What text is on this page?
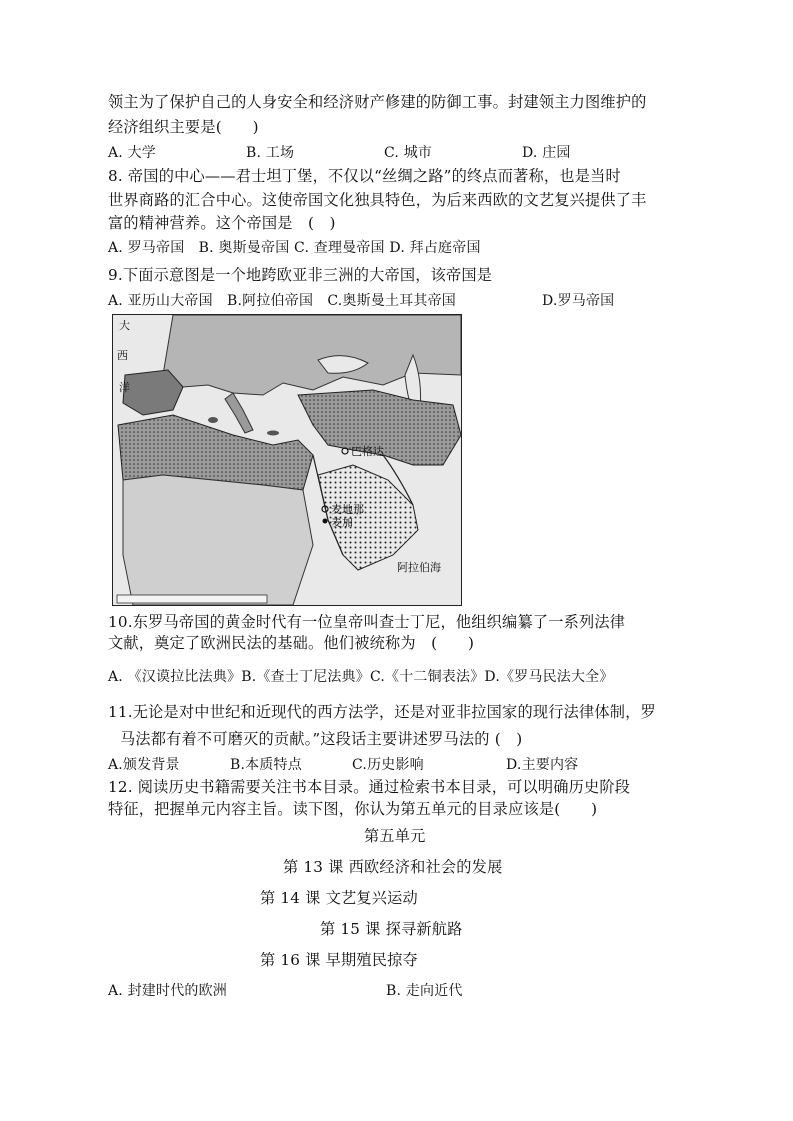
领主为了保护自己的人身安全和经济财产修建的防御工事。封建领主力图维护的
经济组织主要是(　　)
A. 大学	B. 工场	C. 城市	D. 庄园
8. 帝国的中心——君士坦丁堡，不仅以“丝绸之路”的终点而著称，也是当时
世界商路的汇合中心。这使帝国文化独具特色，为后来西欧的文艺复兴提供了丰
富的精神营养。这个帝国是　(　)
A. 罗马帝国　B. 奥斯曼帝国 C. 查理曼帝国 D. 拜占庭帝国
9.下面示意图是一个地跨欧亚非三洲的大帝国，该帝国是
A. 亚历山大帝国　B.阿拉伯帝国　C.奥斯曼土耳其帝国	D.罗马帝国
大
西
洋
巴格达
麦地那
麦加
阿拉伯海
10.东罗马帝国的黄金时代有一位皇帝叫查士丁尼，他组织编纂了一系列法律
文献，奠定了欧洲民法的基础。他们被统称为　(　　)
A. 《汉谟拉比法典》B.《查士丁尼法典》C.《十二铜表法》D.《罗马民法大全》
11.无论是对中世纪和近现代的西方法学，还是对亚非拉国家的现行法律体制，罗
马法都有着不可磨灭的贡献。”这段话主要讲述罗马法的 (　)
A.颁发背景	B.本质特点	C.历史影响	D.主要内容
12. 阅读历史书籍需要关注书本目录。通过检索书本目录，可以明确历史阶段
特征，把握单元内容主旨。读下图，你认为第五单元的目录应该是(　　)
第五单元
第 13 课 西欧经济和社会的发展
第 14 课 文艺复兴运动
第 15 课 探寻新航路
第 16 课 早期殖民掠夺
A. 封建时代的欧洲	B. 走向近代
